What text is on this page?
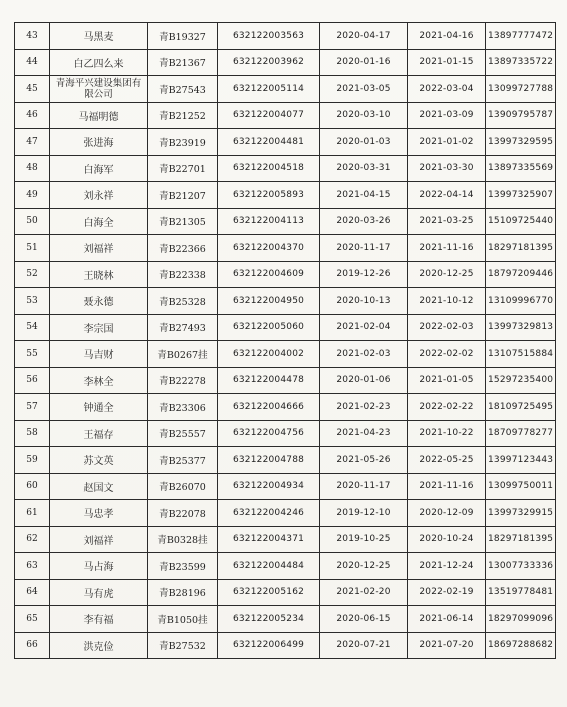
43	马黑麦	青B19327	632122003563	2020-04-17	2021-04-16	13897777472
44	白乙四么来	青B21367	632122003962	2020-01-16	2021-01-15	13897335722
45	青海平兴建设集团有限公司	青B27543	632122005114	2021-03-05	2022-03-04	13099727788
46	马福明德	青B21252	632122004077	2020-03-10	2021-03-09	13909795787
47	张进海	青B23919	632122004481	2020-01-03	2021-01-02	13997329595
48	白海军	青B22701	632122004518	2020-03-31	2021-03-30	13897335569
49	刘永祥	青B21207	632122005893	2021-04-15	2022-04-14	13997325907
50	白海全	青B21305	632122004113	2020-03-26	2021-03-25	15109725440
51	刘福祥	青B22366	632122004370	2020-11-17	2021-11-16	18297181395
52	王晓林	青B22338	632122004609	2019-12-26	2020-12-25	18797209446
53	聂永德	青B25328	632122004950	2020-10-13	2021-10-12	13109996770
54	李宗国	青B27493	632122005060	2021-02-04	2022-02-03	13997329813
55	马吉财	青B0267挂	632122004002	2021-02-03	2022-02-02	13107515884
56	李林全	青B22278	632122004478	2020-01-06	2021-01-05	15297235400
57	钟通全	青B23306	632122004666	2021-02-23	2022-02-22	18109725495
58	王福存	青B25557	632122004756	2021-04-23	2021-10-22	18709778277
59	苏文英	青B25377	632122004788	2021-05-26	2022-05-25	13997123443
60	赵国文	青B26070	632122004934	2020-11-17	2021-11-16	13099750011
61	马忠孝	青B22078	632122004246	2019-12-10	2020-12-09	13997329915
62	刘福祥	青B0328挂	632122004371	2019-10-25	2020-10-24	18297181395
63	马占海	青B23599	632122004484	2020-12-25	2021-12-24	13007733336
64	马有虎	青B28196	632122005162	2021-02-20	2022-02-19	13519778481
65	李有福	青B1050挂	632122005234	2020-06-15	2021-06-14	18297099096
66	洪克俭	青B27532	632122006499	2020-07-21	2021-07-20	18697288682
